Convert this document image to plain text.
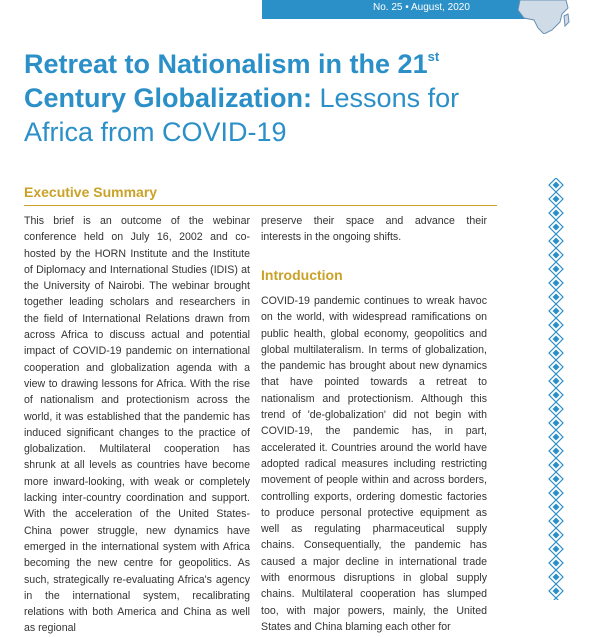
No. 25 • August, 2020
Retreat to Nationalism in the 21st
Century Globalization: Lessons for
Africa from COVID-19
Executive Summary

This brief is an outcome of the webinar conference held on July 16, 2002 and co-hosted by the HORN Institute and the Institute of Diplomacy and International Studies (IDIS) at the University of Nairobi. The webinar brought together leading scholars and researchers in the field of International Relations drawn from across Africa to discuss actual and potential impact of COVID-19 pandemic on international cooperation and globalization agenda with a view to drawing lessons for Africa. With the rise of nationalism and protectionism across the world, it was established that the pandemic has induced significant changes to the practice of globalization. Multilateral cooperation has shrunk at all levels as countries have become more inward-looking, with weak or completely lacking inter-country coordination and support. With the acceleration of the United States-China power struggle, new dynamics have emerged in the international system with Africa becoming the new centre for geopolitics. As such, strategically re-evaluating Africa's agency in the international system, recalibrating relations with both America and China as well as regional

preserve their space and advance their interests in the ongoing shifts.

Introduction

COVID-19 pandemic continues to wreak havoc on the world, with widespread ramifications on public health, global economy, geopolitics and global multilateralism. In terms of globalization, the pandemic has brought about new dynamics that have pointed towards a retreat to nationalism and protectionism. Although this trend of 'de-globalization' did not begin with COVID-19, the pandemic has, in part, accelerated it. Countries around the world have adopted radical measures including restricting movement of people within and across borders, controlling exports, ordering domestic factories to produce personal protective equipment as well as regulating pharmaceutical supply chains. Consequentially, the pandemic has caused a major decline in international trade with enormous disruptions in global supply chains. Multilateral cooperation has slumped too, with major powers, mainly, the United States and China blaming each other for
